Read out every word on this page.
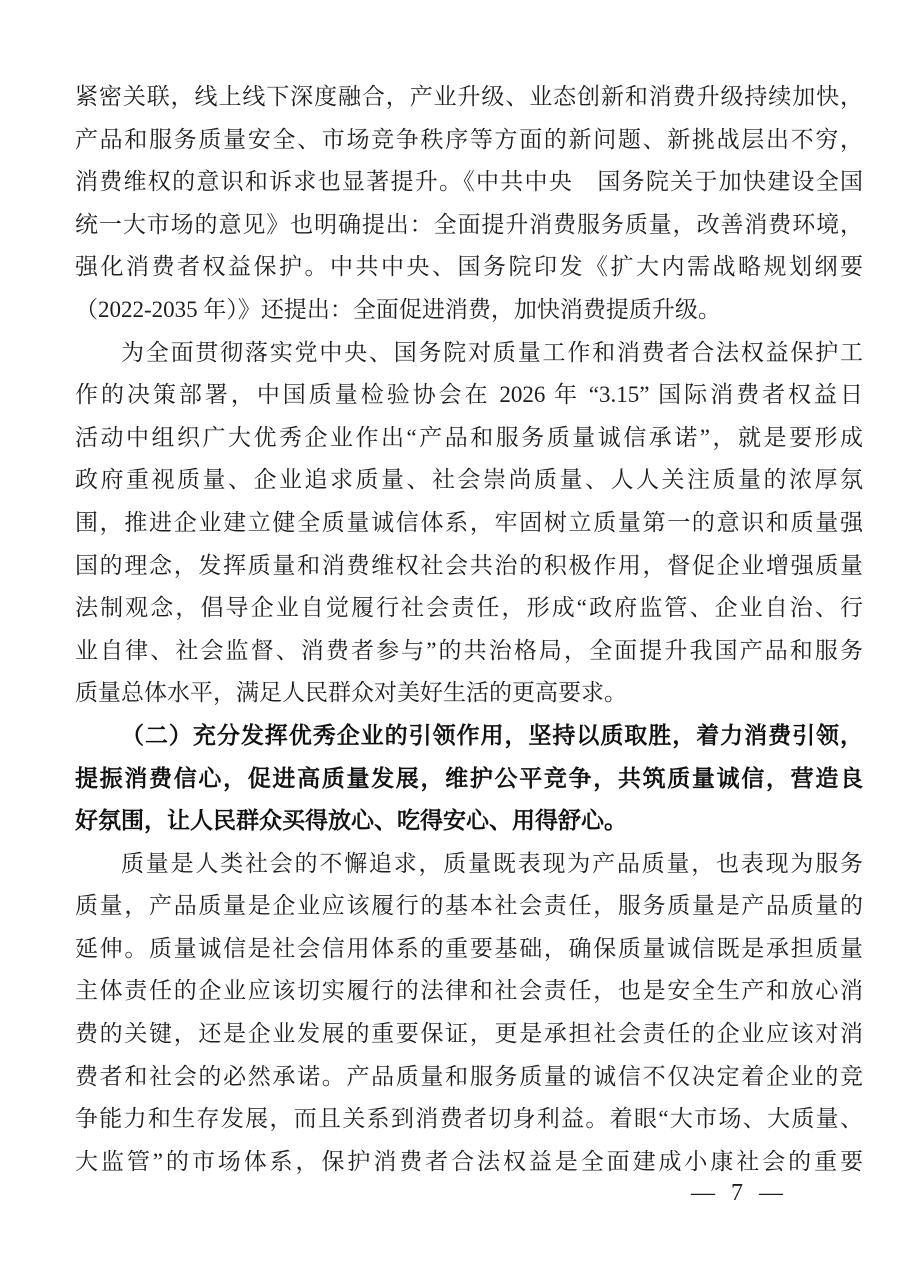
紧密关联，线上线下深度融合，产业升级、业态创新和消费升级持续加快，
产品和服务质量安全、市场竞争秩序等方面的新问题、新挑战层出不穷，
消费维权的意识和诉求也显著提升。《中共中央　国务院关于加快建设全国
统一大市场的意见》也明确提出：全面提升消费服务质量，改善消费环境，
强化消费者权益保护。中共中央、国务院印发《扩大内需战略规划纲要
（2022-2035 年）》还提出：全面促进消费，加快消费提质升级。
为全面贯彻落实党中央、国务院对质量工作和消费者合法权益保护工
作的决策部署，中国质量检验协会在 2026 年 “3.15” 国际消费者权益日
活动中组织广大优秀企业作出“产品和服务质量诚信承诺”，就是要形成
政府重视质量、企业追求质量、社会崇尚质量、人人关注质量的浓厚氛
围，推进企业建立健全质量诚信体系，牢固树立质量第一的意识和质量强
国的理念，发挥质量和消费维权社会共治的积极作用，督促企业增强质量
法制观念，倡导企业自觉履行社会责任，形成“政府监管、企业自治、行
业自律、社会监督、消费者参与”的共治格局，全面提升我国产品和服务
质量总体水平，满足人民群众对美好生活的更高要求。
（二）充分发挥优秀企业的引领作用，坚持以质取胜，着力消费引领，
提振消费信心，促进高质量发展，维护公平竞争，共筑质量诚信，营造良
好氛围，让人民群众买得放心、吃得安心、用得舒心。
质量是人类社会的不懈追求，质量既表现为产品质量，也表现为服务
质量，产品质量是企业应该履行的基本社会责任，服务质量是产品质量的
延伸。质量诚信是社会信用体系的重要基础，确保质量诚信既是承担质量
主体责任的企业应该切实履行的法律和社会责任，也是安全生产和放心消
费的关键，还是企业发展的重要保证，更是承担社会责任的企业应该对消
费者和社会的必然承诺。产品质量和服务质量的诚信不仅决定着企业的竞
争能力和生存发展，而且关系到消费者切身利益。着眼“大市场、大质量、
大监管”的市场体系，保护消费者合法权益是全面建成小康社会的重要
— 7 —
